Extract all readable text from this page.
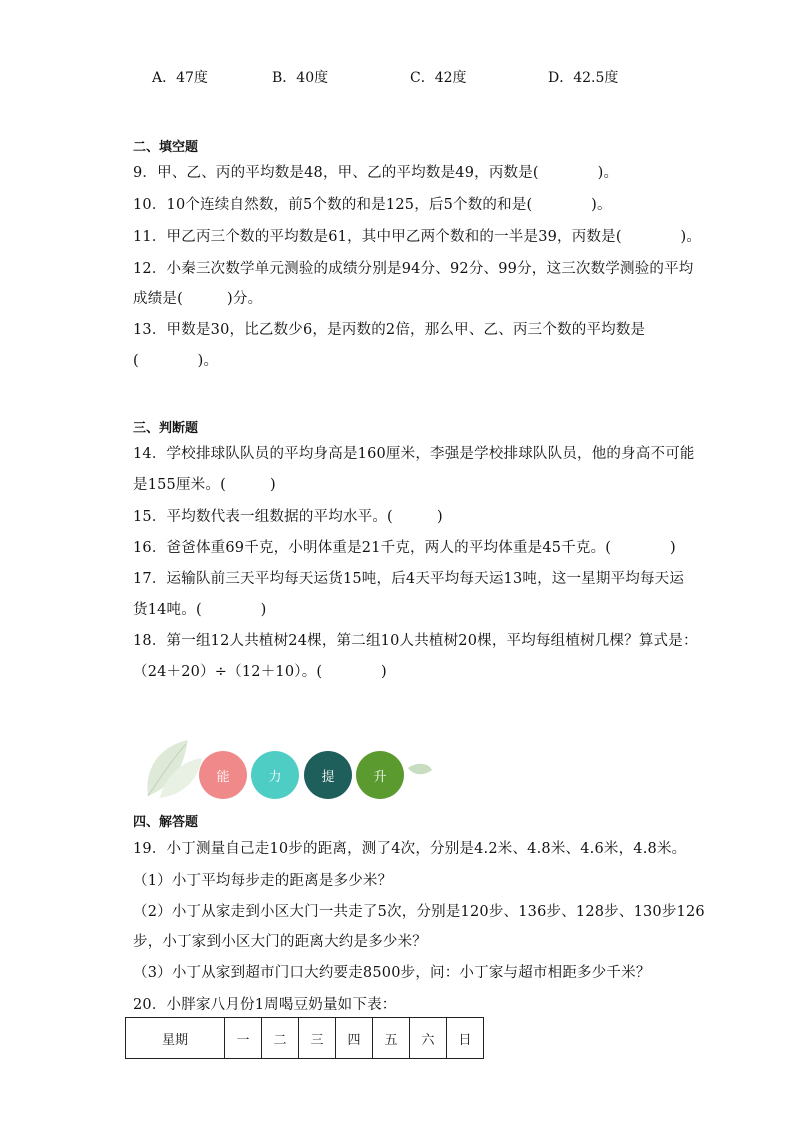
A．47度	B．40度	C．42度	D．42.5度
二、填空题
9．甲、乙、丙的平均数是48，甲、乙的平均数是49，丙数是(　　　　)。
10．10个连续自然数，前5个数的和是125，后5个数的和是(　　　　)。
11．甲乙丙三个数的平均数是61，其中甲乙两个数和的一半是39，丙数是(　　　　)。
12．小秦三次数学单元测验的成绩分别是94分、92分、99分，这三次数学测验的平均
成绩是(　　　)分。
13．甲数是30，比乙数少6，是丙数的2倍，那么甲、乙、丙三个数的平均数是
(　　　　)。
三、判断题
14．学校排球队队员的平均身高是160厘米，李强是学校排球队队员，他的身高不可能
是155厘米。(　　　)
15．平均数代表一组数据的平均水平。(　　　)
16．爸爸体重69千克，小明体重是21千克，两人的平均体重是45千克。(　　　　)
17．运输队前三天平均每天运货15吨，后4天平均每天运13吨，这一星期平均每天运
货14吨。(　　　　)
18．第一组12人共植树24棵，第二组10人共植树20棵，平均每组植树几棵？算式是：
（24＋20）÷（12＋10）。(　　　　)
能	力	提	升
四、解答题
19．小丁测量自己走10步的距离，测了4次，分别是4.2米、4.8米、4.6米，4.8米。
（1）小丁平均每步走的距离是多少米？
（2）小丁从家走到小区大门一共走了5次，分别是120步、136步、128步、130步126
步，小丁家到小区大门的距离大约是多少米？
（3）小丁从家到超市门口大约要走8500步，问：小丁家与超市相距多少千米？
20．小胖家八月份1周喝豆奶量如下表：
星期	一	二	三	四	五	六	日
